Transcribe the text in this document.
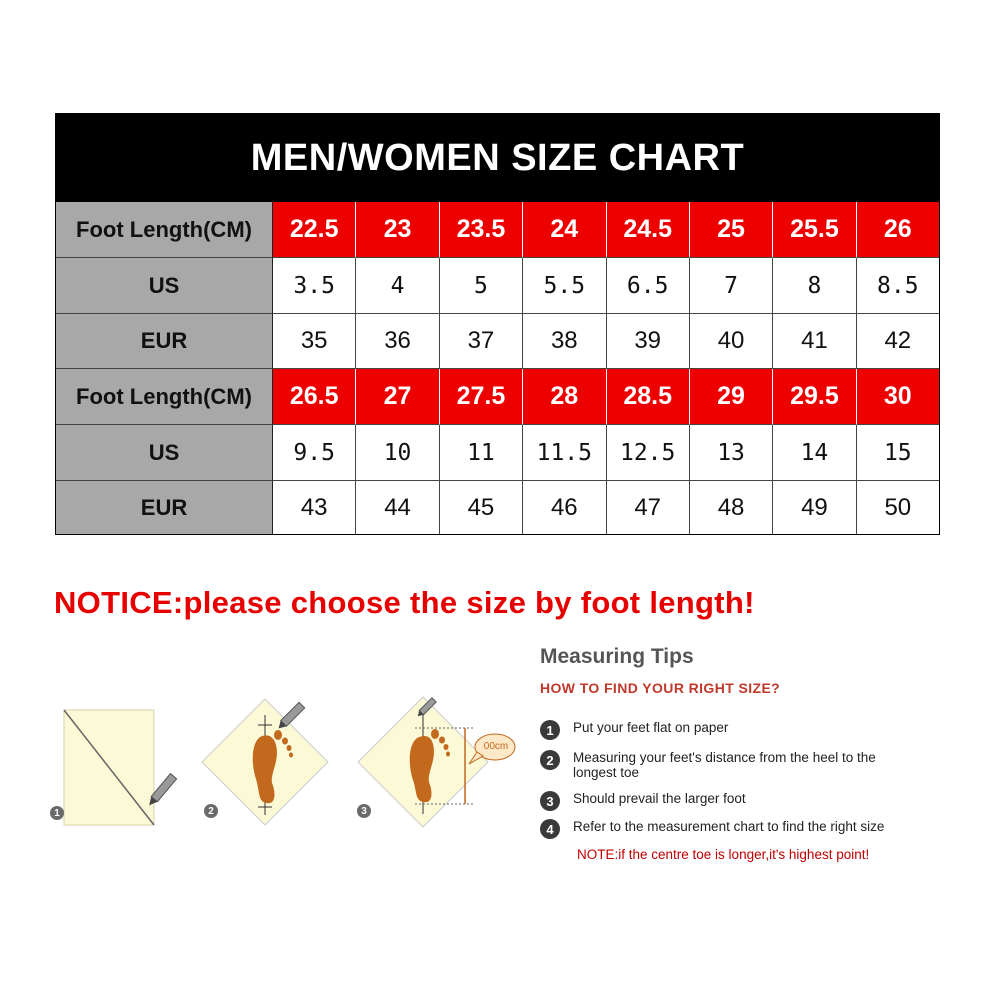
MEN/WOMEN SIZE CHART
Foot Length(CM)	22.5	23	23.5	24	24.5	25	25.5	26
US	3.5	4	5	5.5	6.5	7	8	8.5
EUR	35	36	37	38	39	40	41	42
Foot Length(CM)	26.5	27	27.5	28	28.5	29	29.5	30
US	9.5	10	11	11.5	12.5	13	14	15
EUR	43	44	45	46	47	48	49	50
NOTICE:please choose the size by foot length!
1	2
00cm
3
Measuring Tips
HOW TO FIND YOUR RIGHT SIZE?
1	Put your feet flat on paper
2	Measuring your feet's distance from the heel to the longest toe
3	Should prevail the larger foot
4	Refer to the measurement chart to find the right size
NOTE:if the centre toe is longer,it's highest point!
